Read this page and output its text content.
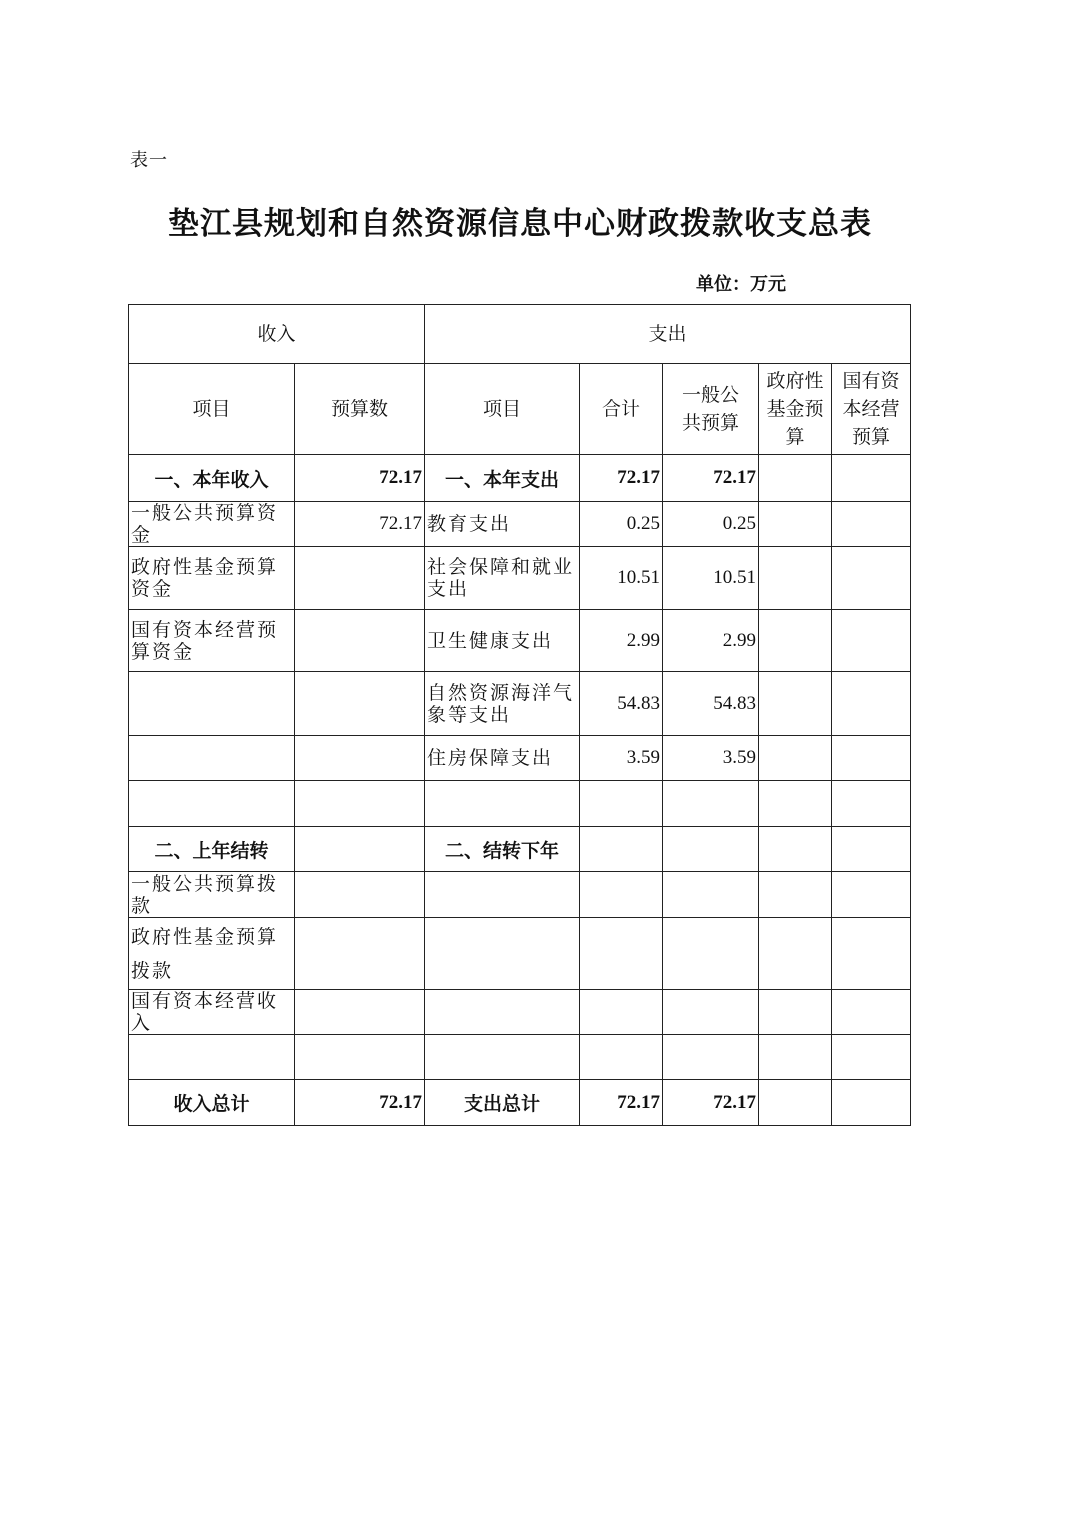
表一
垫江县规划和自然资源信息中心财政拨款收支总表
单位：万元
收入		支出				
项目	预算数	项目	合计	一般公共预算	政府性基金预算	国有资本经营预算
一、本年收入	72.17	一、本年支出	72.17	72.17		
一般公共预算资金	72.17	教育支出	0.25	0.25		
政府性基金预算资金		社会保障和就业支出	10.51	10.51		
国有资本经营预算资金		卫生健康支出	2.99	2.99		
		自然资源海洋气象等支出	54.83	54.83		
		住房保障支出	3.59	3.59		

二、上年结转		二、结转下年				
一般公共预算拨款						
政府性基金预算拨款						
国有资本经营收入						

收入总计	72.17	支出总计	72.17	72.17		
